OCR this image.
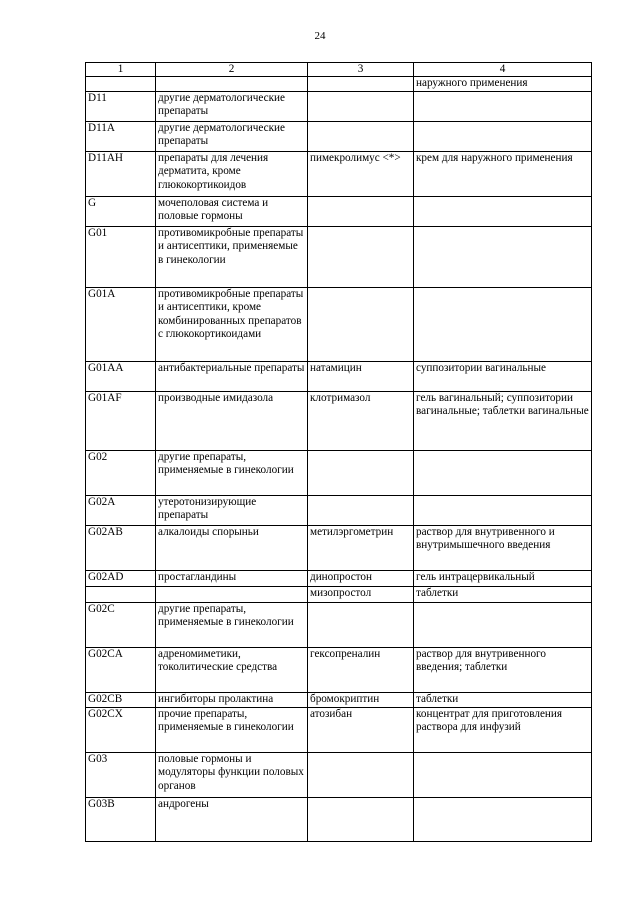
24
1	2	3	4
			наружного применения
D11	другие дерматологические препараты		
D11A	другие дерматологические препараты		
D11AH	препараты для лечения дерматита, кроме глюкокортикоидов	пимекролимус <*>	крем для наружного применения
G	мочеполовая система и половые гормоны		
G01	противомикробные препараты и антисептики, применяемые в гинекологии		
G01A	противомикробные препараты и антисептики, кроме комбинированных препаратов с глюкокортикоидами		
G01AA	антибактериальные препараты	натамицин	суппозитории вагинальные
G01AF	производные имидазола	клотримазол	гель вагинальный; суппозитории вагинальные; таблетки вагинальные
G02	другие препараты, применяемые в гинекологии		
G02A	утеротонизирующие препараты		
G02AB	алкалоиды спорыньи	метилэргометрин	раствор для внутривенного и внутримышечного введения
G02AD	простагландины	динопростон	гель интрацервикальный
		мизопростол	таблетки
G02C	другие препараты, применяемые в гинекологии		
G02CA	адреномиметики, токолитические средства	гексопреналин	раствор для внутривенного введения; таблетки
G02CB	ингибиторы пролактина	бромокриптин	таблетки
G02CX	прочие препараты, применяемые в гинекологии	атозибан	концентрат для приготовления раствора для инфузий
G03	половые гормоны и модуляторы функции половых органов		
G03B	андрогены		
